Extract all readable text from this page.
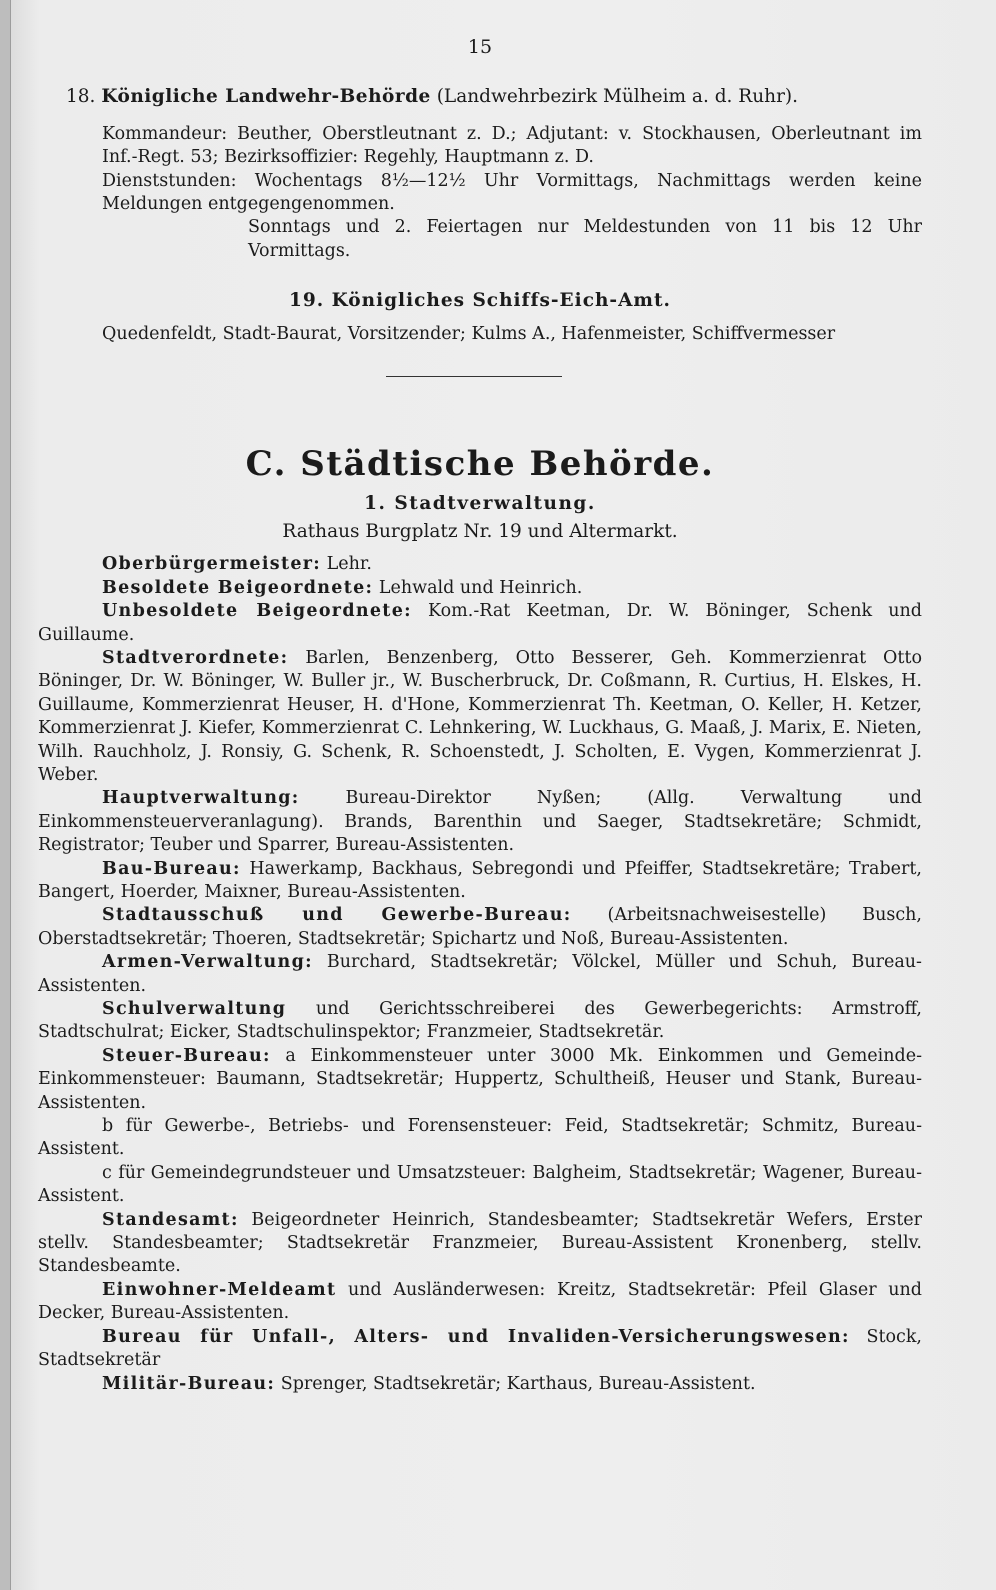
15
18. Königliche Landwehr-Behörde (Landwehrbezirk Mülheim a. d. Ruhr).

Kommandeur: Beuther, Oberstleutnant z. D.; Adjutant: v. Stockhausen, Oberleutnant im Inf.-Regt. 53; Bezirksoffizier: Regehly, Hauptmann z. D.

Dienststunden: Wochentags 8½—12½ Uhr Vormittags, Nachmittags werden keine Meldungen entgegengenommen.

Sonntags und 2. Feiertagen nur Meldestunden von 11 bis 12 Uhr Vormittags.

19. Königliches Schiffs-Eich-Amt.

Quedenfeldt, Stadt-Baurat, Vorsitzender; Kulms A., Hafenmeister, Schiffvermesser

C. Städtische Behörde.
1. Stadtverwaltung.
Rathaus Burgplatz Nr. 19 und Altermarkt.

Oberbürgermeister: Lehr.

Besoldete Beigeordnete: Lehwald und Heinrich.

Unbesoldete Beigeordnete: Kom.-Rat Keetman, Dr. W. Böninger, Schenk und Guillaume.

Stadtverordnete: Barlen, Benzenberg, Otto Besserer, Geh. Kommerzienrat Otto Böninger, Dr. W. Böninger, W. Buller jr., W. Buscherbruck, Dr. Coßmann, R. Curtius, H. Elskes, H. Guillaume, Kommerzienrat Heuser, H. d'Hone, Kommerzienrat Th. Keetman, O. Keller, H. Ketzer, Kommerzienrat J. Kiefer, Kommerzienrat C. Lehnkering, W. Luckhaus, G. Maaß, J. Marix, E. Nieten, Wilh. Rauchholz, J. Ronsiy, G. Schenk, R. Schoenstedt, J. Scholten, E. Vygen, Kommerzienrat J. Weber.

Hauptverwaltung:	Bureau-Direktor Nyßen; (Allg. Verwaltung und Einkommensteuerveranlagung). Brands, Barenthin und Saeger, Stadtsekretäre; Schmidt, Registrator; Teuber und Sparrer, Bureau-Assistenten.

Bau-Bureau: Hawerkamp, Backhaus, Sebregondi und Pfeiffer, Stadtsekretäre; Trabert, Bangert, Hoerder, Maixner, Bureau-Assistenten.

Stadtausschuß und Gewerbe-Bureau: (Arbeitsnachweisestelle) Busch, Oberstadtsekretär; Thoeren, Stadtsekretär; Spichartz und Noß, Bureau-Assistenten.

Armen-Verwaltung: Burchard, Stadtsekretär; Völckel, Müller und Schuh, Bureau-Assistenten.

Schulverwaltung und Gerichtsschreiberei des Gewerbegerichts: Armstroff, Stadtschulrat; Eicker, Stadtschulinspektor; Franzmeier, Stadtsekretär.

Steuer-Bureau: a Einkommensteuer unter 3000 Mk. Einkommen und Gemeinde-Einkommensteuer: Baumann, Stadtsekretär; Huppertz, Schultheiß, Heuser und Stank, Bureau-Assistenten.

b für Gewerbe-, Betriebs- und Forensensteuer: Feid, Stadtsekretär; Schmitz, Bureau-Assistent.

c für Gemeindegrundsteuer und Umsatzsteuer: Balgheim, Stadtsekretär; Wagener, Bureau-Assistent.

Standesamt: Beigeordneter Heinrich, Standesbeamter; Stadtsekretär Wefers, Erster stellv. Standesbeamter; Stadtsekretär Franzmeier, Bureau-Assistent Kronenberg, stellv. Standesbeamte.

Einwohner-Meldeamt und Ausländerwesen: Kreitz, Stadtsekretär: Pfeil Glaser und Decker, Bureau-Assistenten.

Bureau für Unfall-, Alters- und Invaliden-Versicherungswesen: Stock, Stadtsekretär

Militär-Bureau: Sprenger, Stadtsekretär; Karthaus, Bureau-Assistent.
